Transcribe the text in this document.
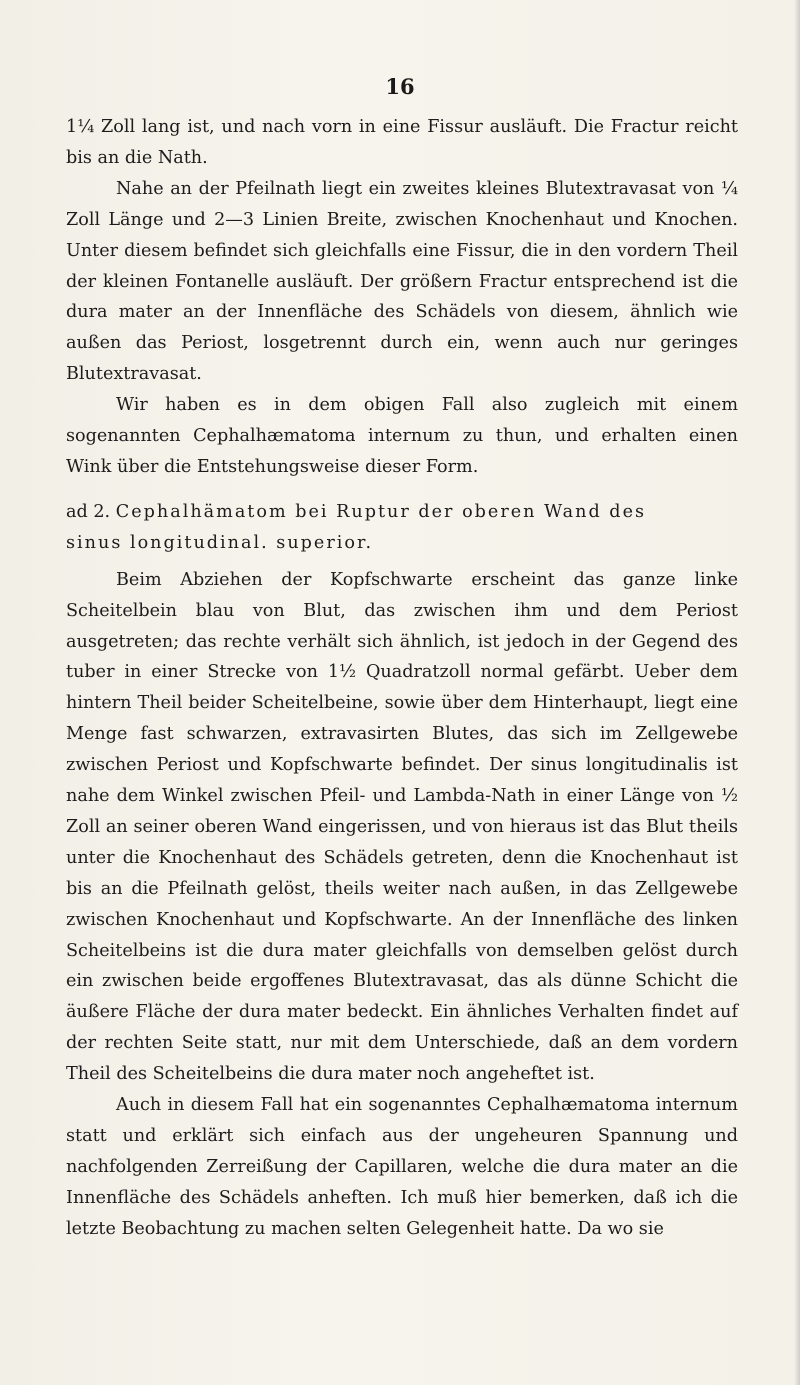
16

1¼ Zoll lang ist, und nach vorn in eine Fissur ausläuft. Die Fractur reicht bis an die Nath.

Nahe an der Pfeilnath liegt ein zweites kleines Blutextravasat von ¼ Zoll Länge und 2—3 Linien Breite, zwischen Knochenhaut und Knochen. Unter diesem befindet sich gleichfalls eine Fissur, die in den vordern Theil der kleinen Fontanelle ausläuft. Der größern Fractur entsprechend ist die dura mater an der Innenfläche des Schädels von diesem, ähnlich wie außen das Periost, losgetrennt durch ein, wenn auch nur geringes Blutextravasat.

Wir haben es in dem obigen Fall also zugleich mit einem sogenannten Cephalhæmatoma internum zu thun, und erhalten einen Wink über die Entstehungsweise dieser Form.

ad 2. Cephalhämatom bei Ruptur der oberen Wand des
sinus longitudinal. superior.

Beim Abziehen der Kopfschwarte erscheint das ganze linke Scheitelbein blau von Blut, das zwischen ihm und dem Periost ausgetreten; das rechte verhält sich ähnlich, ist jedoch in der Gegend des tuber in einer Strecke von 1½ Quadratzoll normal gefärbt. Ueber dem hintern Theil beider Scheitelbeine, sowie über dem Hinterhaupt, liegt eine Menge fast schwarzen, extravasirten Blutes, das sich im Zellgewebe zwischen Periost und Kopfschwarte befindet. Der sinus longitudinalis ist nahe dem Winkel zwischen Pfeil- und Lambda-Nath in einer Länge von ½ Zoll an seiner oberen Wand eingerissen, und von hieraus ist das Blut theils unter die Knochenhaut des Schädels getreten, denn die Knochenhaut ist bis an die Pfeilnath gelöst, theils weiter nach außen, in das Zellgewebe zwischen Knochenhaut und Kopfschwarte. An der Innenfläche des linken Scheitelbeins ist die dura mater gleichfalls von demselben gelöst durch ein zwischen beide ergoffenes Blutextravasat, das als dünne Schicht die äußere Fläche der dura mater bedeckt. Ein ähnliches Verhalten findet auf der rechten Seite statt, nur mit dem Unterschiede, daß an dem vordern Theil des Scheitelbeins die dura mater noch angeheftet ist.

Auch in diesem Fall hat ein sogenanntes Cephalhæmatoma internum statt und erklärt sich einfach aus der ungeheuren Spannung und nachfolgenden Zerreißung der Capillaren, welche die dura mater an die Innenfläche des Schädels anheften. Ich muß hier bemerken, daß ich die letzte Beobachtung zu machen selten Gelegenheit hatte. Da wo sie
